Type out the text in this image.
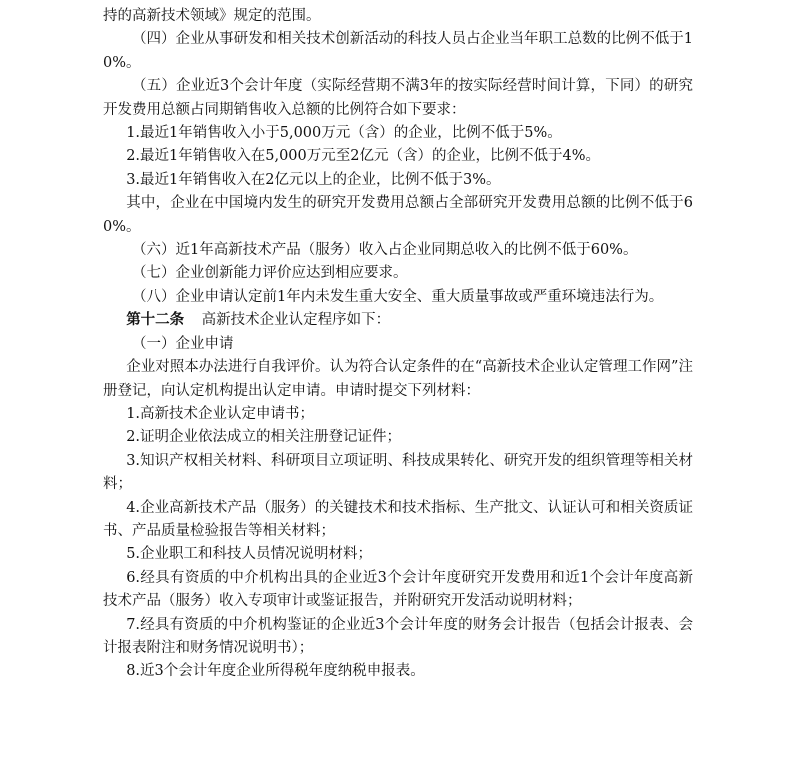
持的高新技术领域》规定的范围。

（四）企业从事研发和相关技术创新活动的科技人员占企业当年职工总数的比例不低于10%。

（五）企业近3个会计年度（实际经营期不满3年的按实际经营时间计算，下同）的研究开发费用总额占同期销售收入总额的比例符合如下要求：

1.最近1年销售收入小于5,000万元（含）的企业，比例不低于5%。

2.最近1年销售收入在5,000万元至2亿元（含）的企业，比例不低于4%。

3.最近1年销售收入在2亿元以上的企业，比例不低于3%。

其中，企业在中国境内发生的研究开发费用总额占全部研究开发费用总额的比例不低于60%。

（六）近1年高新技术产品（服务）收入占企业同期总收入的比例不低于60%。

（七）企业创新能力评价应达到相应要求。

（八）企业申请认定前1年内未发生重大安全、重大质量事故或严重环境违法行为。

第十二条 高新技术企业认定程序如下：

（一）企业申请

企业对照本办法进行自我评价。认为符合认定条件的在“高新技术企业认定管理工作网”注册登记，向认定机构提出认定申请。申请时提交下列材料：

1.高新技术企业认定申请书；

2.证明企业依法成立的相关注册登记证件；

3.知识产权相关材料、科研项目立项证明、科技成果转化、研究开发的组织管理等相关材料；

4.企业高新技术产品（服务）的关键技术和技术指标、生产批文、认证认可和相关资质证书、产品质量检验报告等相关材料；

5.企业职工和科技人员情况说明材料；

6.经具有资质的中介机构出具的企业近3个会计年度研究开发费用和近1个会计年度高新技术产品（服务）收入专项审计或鉴证报告，并附研究开发活动说明材料；

7.经具有资质的中介机构鉴证的企业近3个会计年度的财务会计报告（包括会计报表、会计报表附注和财务情况说明书）；

8.近3个会计年度企业所得税年度纳税申报表。
